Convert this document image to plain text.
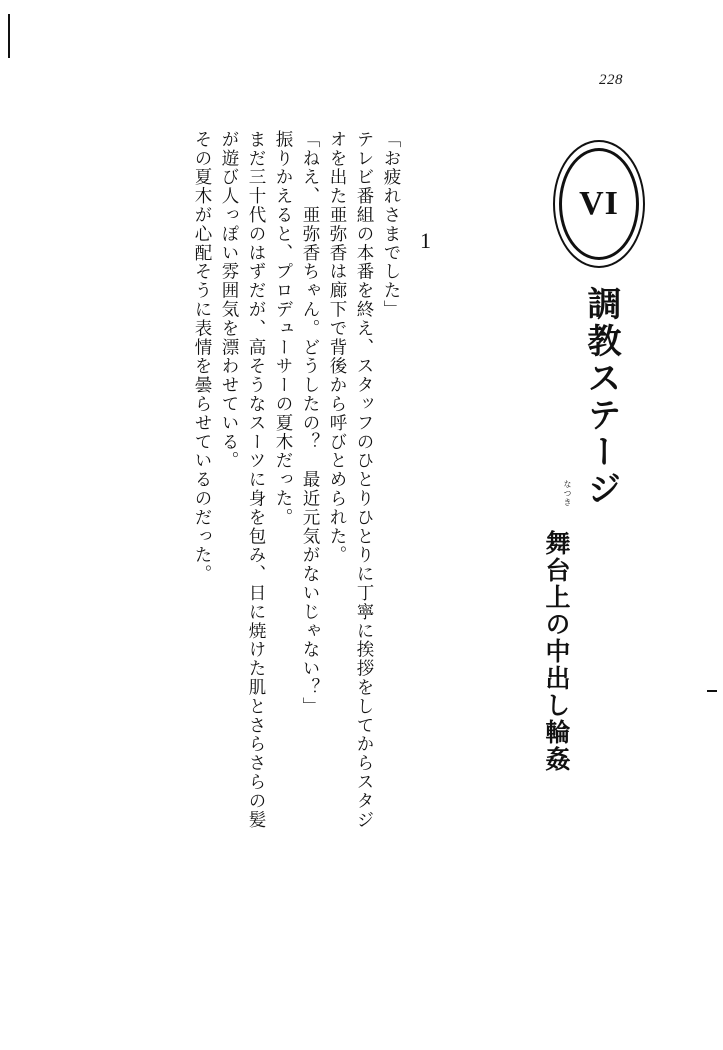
228
VI
調教ステージ
舞台上の中出し輪姦
1
「お疲れさまでした」
テレビ番組の本番を終え、スタッフのひとりひとりに丁寧に挨拶をしてからスタジ
オを出た亜弥香は廊下で背後から呼びとめられた。
「ねえ、亜弥香ちゃん。どうしたの？　最近元気がないじゃない？」
振りかえると、プロデューサーの夏木だった。
まだ三十代のはずだが、高そうなスーツに身を包み、日に焼けた肌とさらさらの髪
が遊び人っぽい雰囲気を漂わせている。
その夏木が心配そうに表情を曇らせているのだった。	なつき
